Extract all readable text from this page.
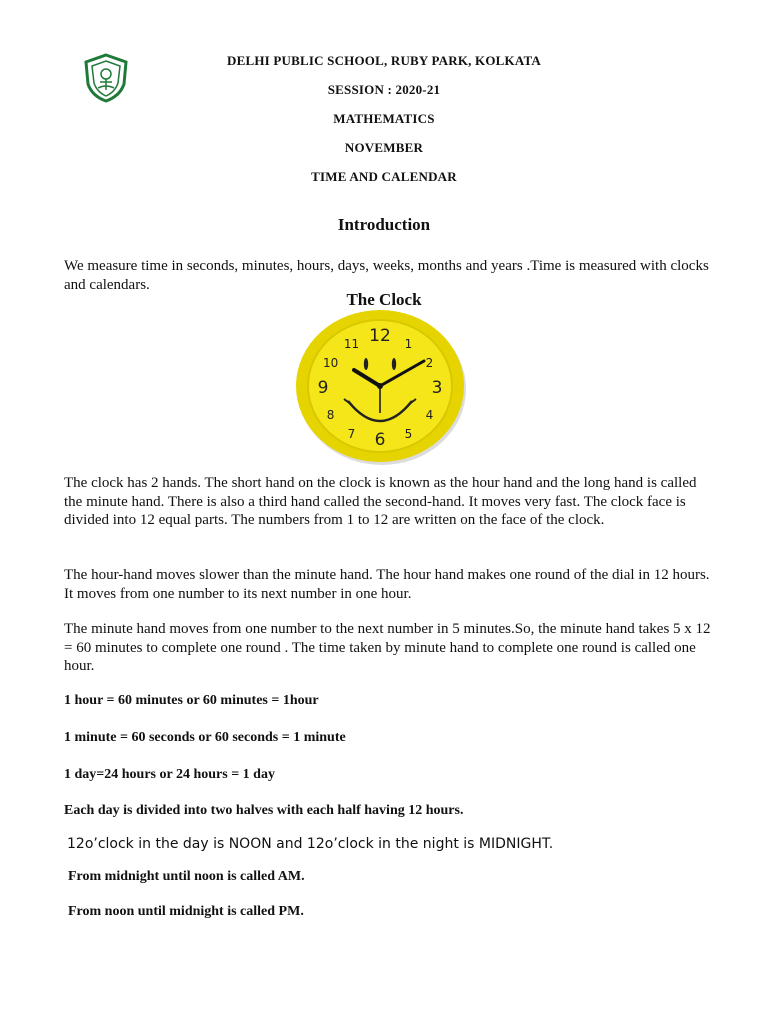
DELHI PUBLIC SCHOOL, RUBY PARK, KOLKATA
SESSION : 2020-21
MATHEMATICS
NOVEMBER
TIME AND CALENDAR
Introduction
We measure time in seconds, minutes, hours, days, weeks, months and years .Time is measured with clocks and calendars.
The Clock
12 1
2
3
4
5
6
7
8
9
10
11
The clock has 2 hands. The short hand on the clock is known as the hour hand and the long hand is called the minute hand. There is also a third hand called the second-hand. It moves very fast. The clock face is divided into 12 equal parts. The numbers from 1 to 12 are written on the face of the clock.
The hour-hand moves slower than the minute hand. The hour hand makes one round of the dial in 12 hours. It moves from one number to its next number in one hour.
The minute hand moves from one number to the next number in 5 minutes.So, the minute hand takes 5 x 12 = 60 minutes to complete one round . The time taken by minute hand to complete one round is called one hour.
1 hour = 60 minutes or 60 minutes = 1hour
1 minute = 60 seconds or 60 seconds = 1 minute
1 day=24 hours or 24 hours = 1 day
Each day is divided into two halves with each half having 12 hours.
12o’clock in the day is NOON and 12o’clock in the night is MIDNIGHT.
From midnight until noon is called AM.
From noon until midnight is called PM.
